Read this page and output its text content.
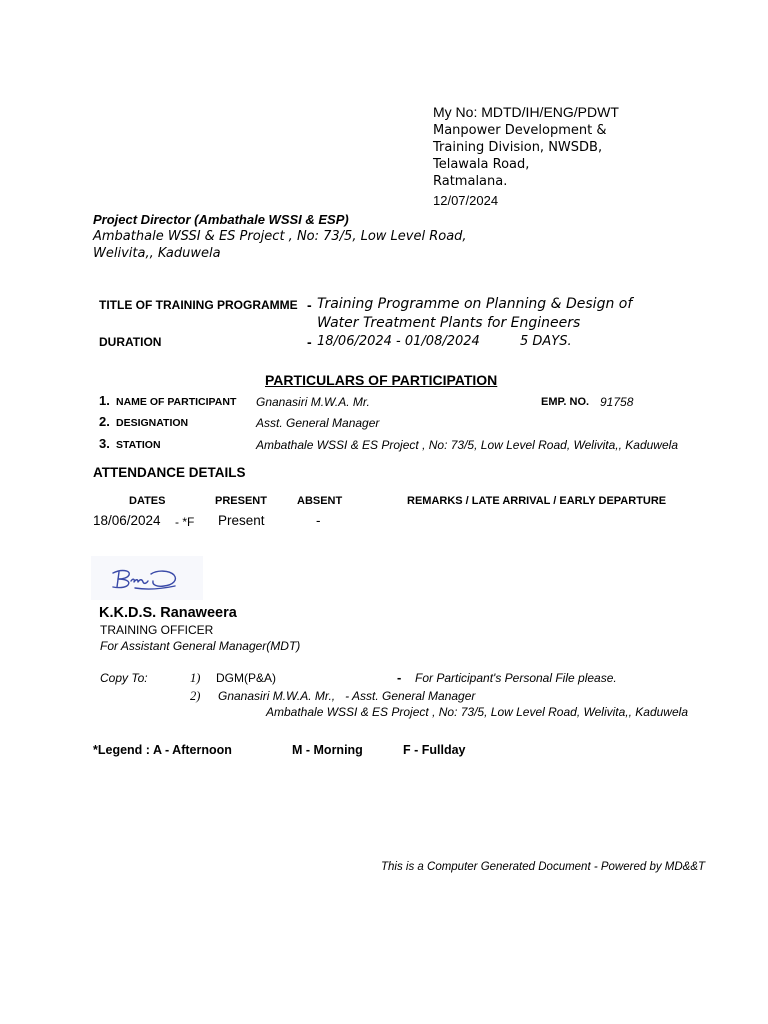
My No: MDTD/IH/ENG/PDWT
Manpower Development &
Training Division, NWSDB,
Telawala Road,
Ratmalana.
12/07/2024
Project Director (Ambathale WSSI & ESP)
Ambathale WSSI & ES Project , No: 73/5, Low Level Road,
Welivita,, Kaduwela
TITLE OF TRAINING PROGRAMME - Training Programme on Planning & Design of
Water Treatment Plants for Engineers
DURATION	- 18/06/2024 - 01/08/2024	5 DAYS.
PARTICULARS OF PARTICIPATION
1. NAME OF PARTICIPANT Gnanasiri M.W.A. Mr.	EMP. NO. 91758
2. DESIGNATION	Asst. General Manager
3. STATION	Ambathale WSSI & ES Project , No: 73/5, Low Level Road, Welivita,, Kaduwela
ATTENDANCE DETAILS
DATES	PRESENT	ABSENT	REMARKS / LATE ARRIVAL / EARLY DEPARTURE
18/06/2024 - *F Present	-
K.K.D.S. Ranaweera
TRAINING OFFICER
For Assistant General Manager(MDT)
Copy To:	1) DGM(P&A)	- For Participant's Personal File please.
2) Gnanasiri M.W.A. Mr.,   - Asst. General Manager
Ambathale WSSI & ES Project , No: 73/5, Low Level Road, Welivita,, Kaduwela
*Legend : A - Afternoon	M - Morning	F - Fullday
This is a Computer Generated Document - Powered by MD&&T
